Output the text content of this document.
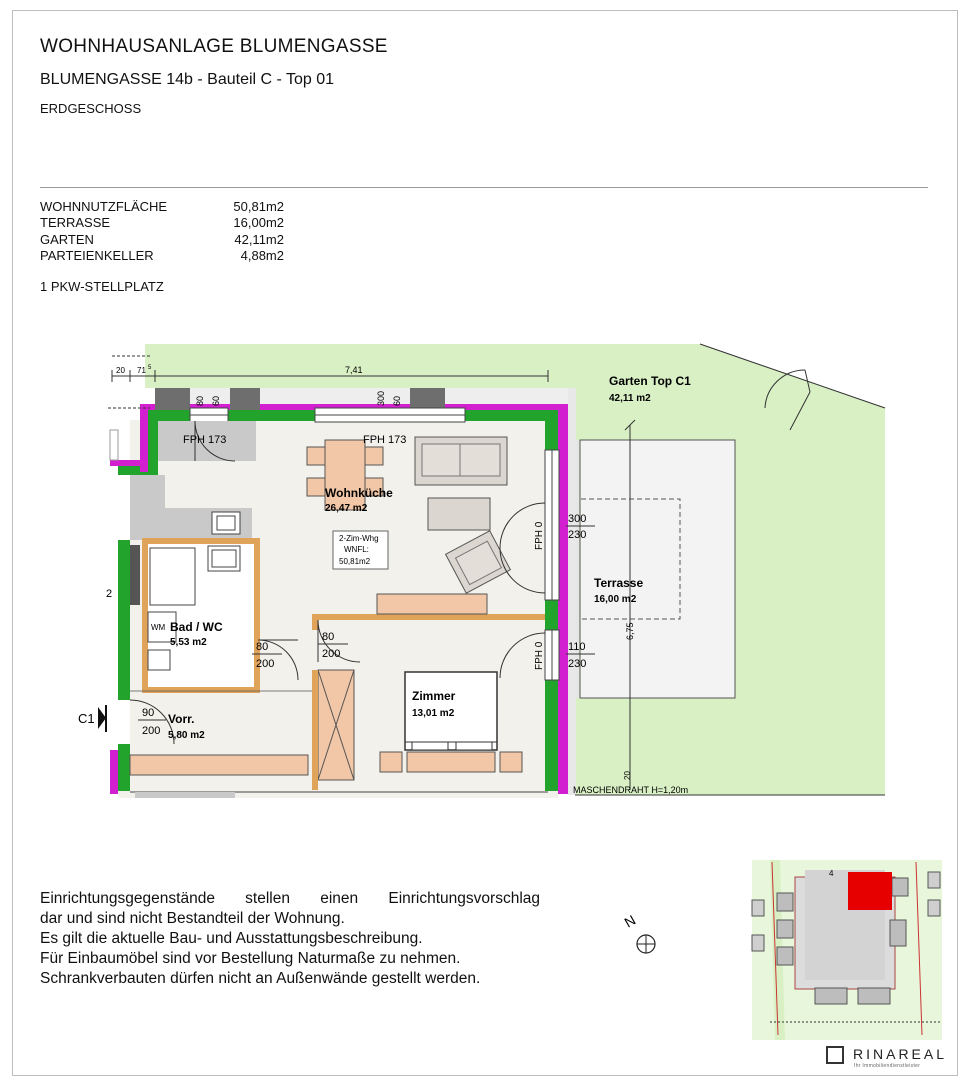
WOHNHAUSANLAGE BLUMENGASSE
BLUMENGASSE 14b - Bauteil C - Top 01
ERDGESCHOSS
WOHNNUTZFLÄCHE	50,81m2
TERRASSE	16,00m2
GARTEN	42,11m2
PARTEIENKELLER	4,88m2
1 PKW-STELLPLATZ
80 60	300 60
7,41
20 71 5
6,75
FPH 0
300
230
FPH 0 110
230
C1	90
200
2
MASCHENDRAHT H=1,20m
20
Garten Top C1
42,11 m2
FPH 173	FPH 173
Wohnküche
26,47 m2
2-Zim-Whg
WNFL:
50,81m2
Terrasse
16,00 m2
WM Bad / WC
5,53 m2	80
200
80
200
Vorr.
5,80 m2
Zimmer
13,01 m2
N
4

Einrichtungsgegenstände stellen einen Einrichtungsvorschlag

dar und sind nicht Bestandteil der Wohnung.

Es gilt die aktuelle Bau- und Ausstattungsbeschreibung.

Für Einbaumöbel sind vor Bestellung Naturmaße zu nehmen.

Schrankverbauten dürfen nicht an Außenwände gestellt werden.

RINAREAL
Ihr Immobiliendienstleister
